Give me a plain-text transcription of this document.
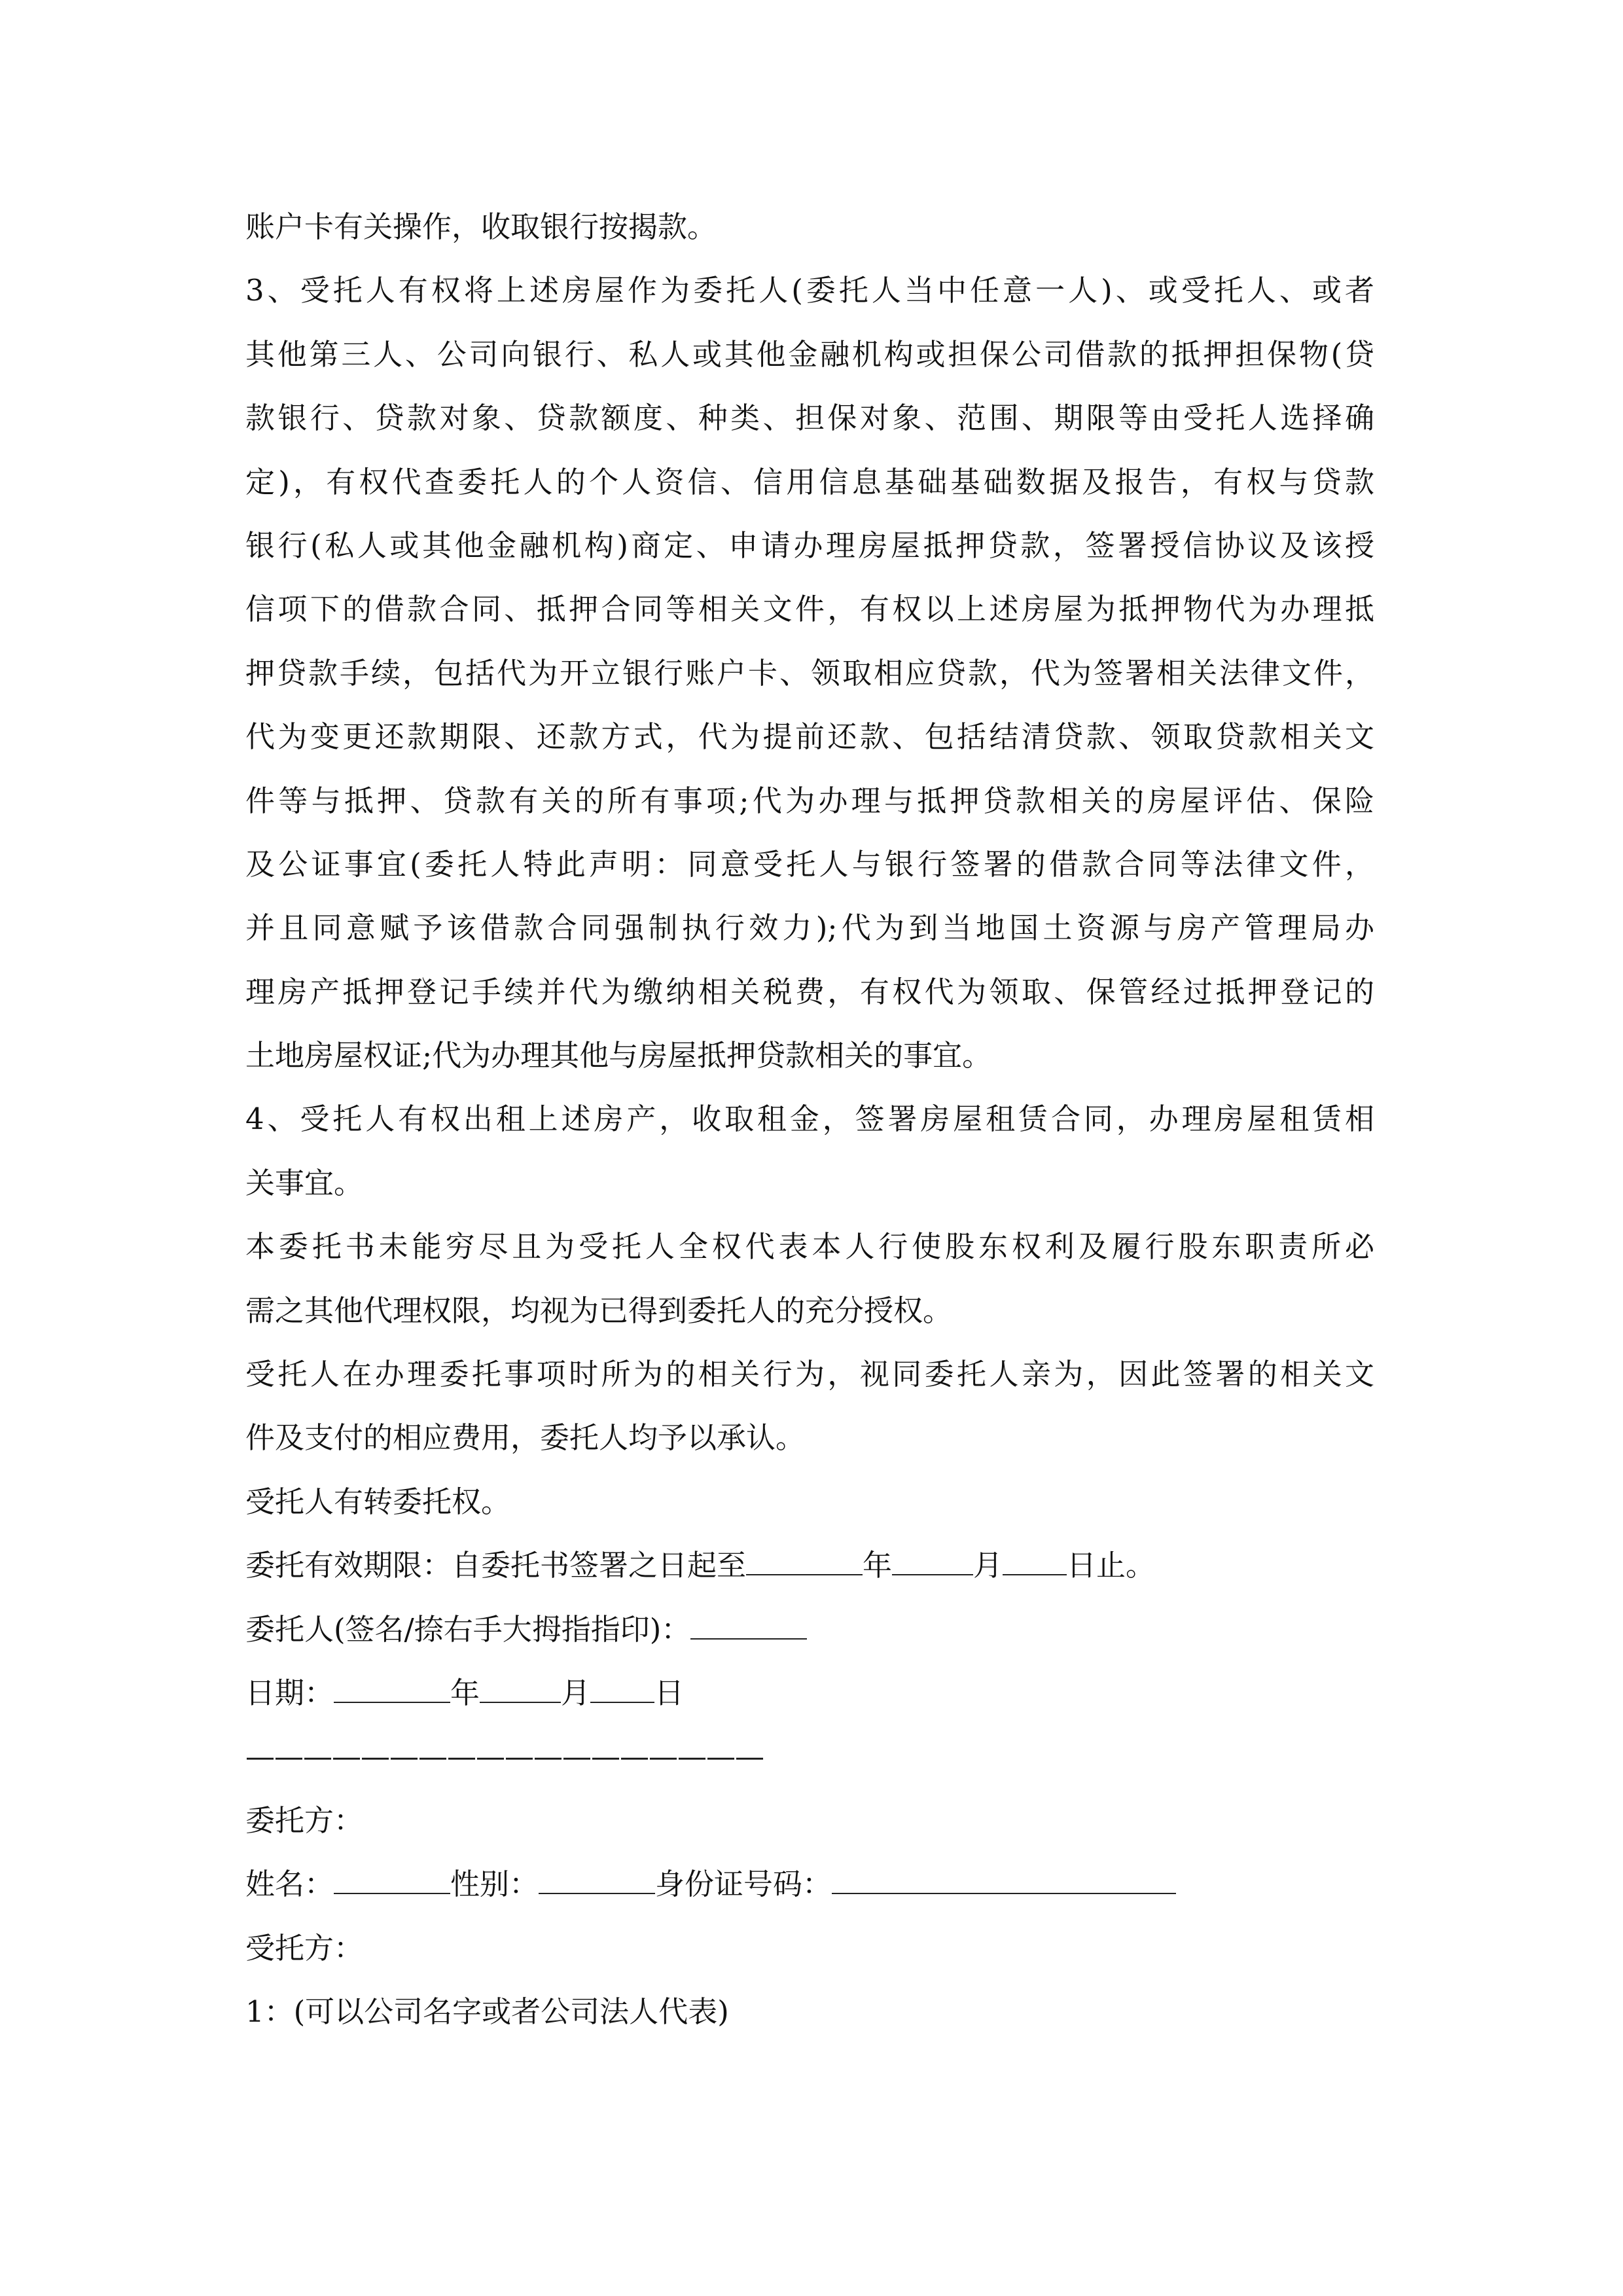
账户卡有关操作，收取银行按揭款。
3、受托人有权将上述房屋作为委托人(委托人当中任意一人)、或受托人、或者
其他第三人、公司向银行、私人或其他金融机构或担保公司借款的抵押担保物(贷
款银行、贷款对象、贷款额度、种类、担保对象、范围、期限等由受托人选择确
定)，有权代查委托人的个人资信、信用信息基础基础数据及报告，有权与贷款
银行(私人或其他金融机构)商定、申请办理房屋抵押贷款，签署授信协议及该授
信项下的借款合同、抵押合同等相关文件，有权以上述房屋为抵押物代为办理抵
押贷款手续，包括代为开立银行账户卡、领取相应贷款，代为签署相关法律文件，
代为变更还款期限、还款方式，代为提前还款、包括结清贷款、领取贷款相关文
件等与抵押、贷款有关的所有事项;代为办理与抵押贷款相关的房屋评估、保险
及公证事宜(委托人特此声明：同意受托人与银行签署的借款合同等法律文件，
并且同意赋予该借款合同强制执行效力);代为到当地国土资源与房产管理局办
理房产抵押登记手续并代为缴纳相关税费，有权代为领取、保管经过抵押登记的
土地房屋权证;代为办理其他与房屋抵押贷款相关的事宜。
4、受托人有权出租上述房产，收取租金，签署房屋租赁合同，办理房屋租赁相
关事宜。
本委托书未能穷尽且为受托人全权代表本人行使股东权利及履行股东职责所必
需之其他代理权限，均视为已得到委托人的充分授权。
受托人在办理委托事项时所为的相关行为，视同委托人亲为，因此签署的相关文
件及支付的相应费用，委托人均予以承认。
受托人有转委托权。
委托有效期限：自委托书签署之日起至	年	月 日止。
委托人(签名/捺右手大拇指指印)：
日期：	年	月 日
——————————————————
委托方：
姓名：	性别：	身份证号码：
受托方：
1：(可以公司名字或者公司法人代表)
